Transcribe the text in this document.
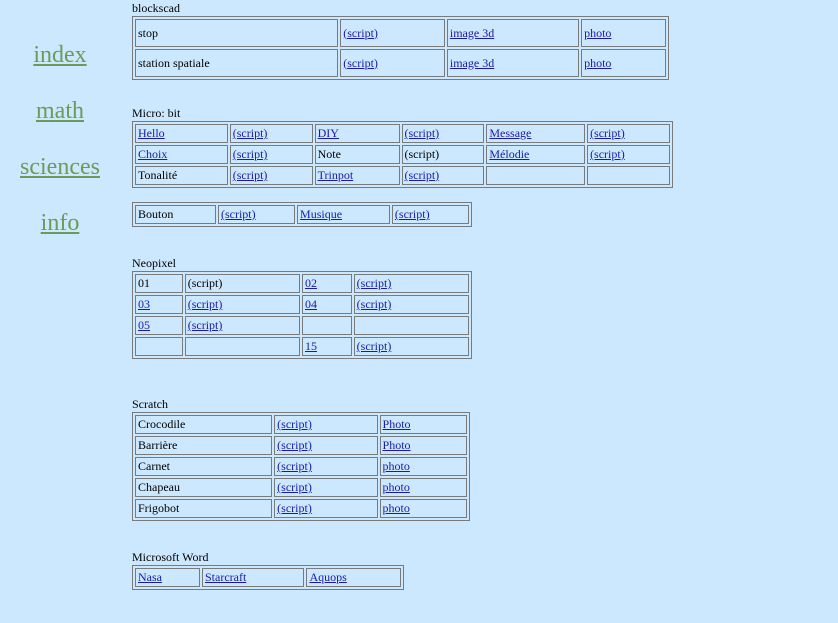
index
math
sciences
info
blockscad
stop	(script)	image 3d	photo
station spatiale	(script)	image 3d	photo
Micro: bit
Hello	(script)	DIY	(script)	Message	(script)
Choix	(script)	Note	(script)	Mélodie	(script)
Tonalité	(script)	Trinpot	(script)		
Bouton	(script)	Musique	(script)
Neopixel
01	(script)	02	(script)
03	(script)	04	(script)
05	(script)		
		15	(script)
Scratch
Crocodile	(script)	Photo
Barrière	(script)	Photo
Carnet	(script)	photo
Chapeau	(script)	photo
Frigobot	(script)	photo
Microsoft Word
Nasa	Starcraft	Aquops
